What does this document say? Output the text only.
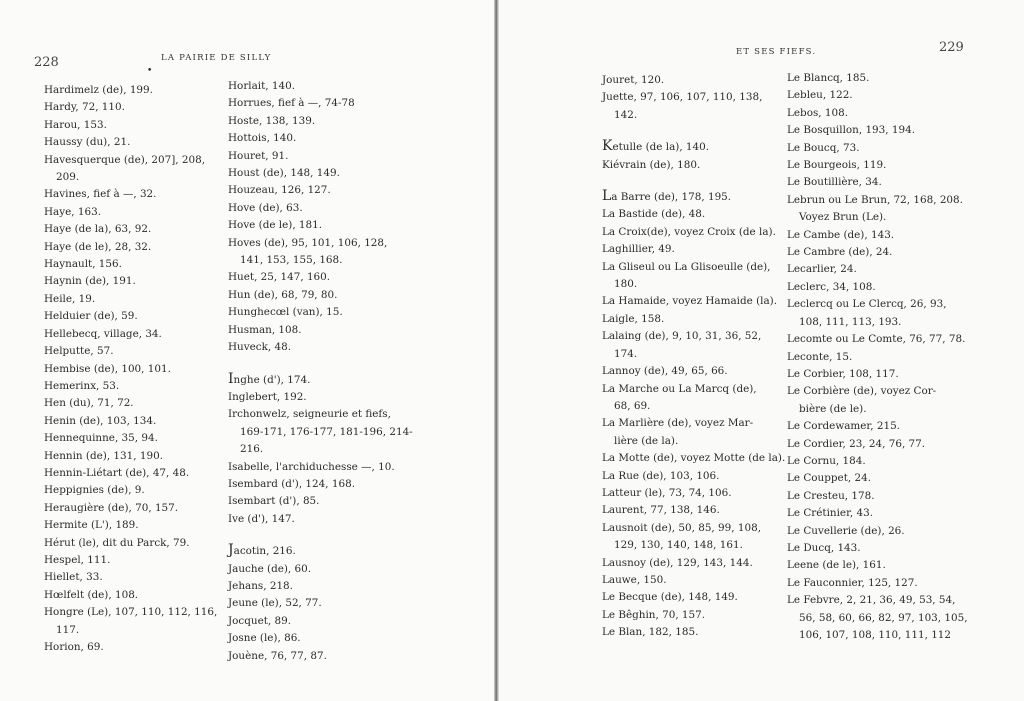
228	LA PAIRIE DE SILLY
•
Hardimelz (de), 199.
Hardy, 72, 110.
Harou, 153.
Haussy (du), 21.
Havesquerque (de), 207], 208,
209.
Havines, fief à —, 32.
Haye, 163.
Haye (de la), 63, 92.
Haye (de le), 28, 32.
Haynault, 156.
Haynin (de), 191.
Heile, 19.
Helduier (de), 59.
Hellebecq, village, 34.
Helputte, 57.
Hembise (de), 100, 101.
Hemerinx, 53.
Hen (du), 71, 72.
Henin (de), 103, 134.
Hennequinne, 35, 94.
Hennin (de), 131, 190.
Hennin-Liétart (de), 47, 48.
Heppignies (de), 9.
Heraugière (de), 70, 157.
Hermite (L'), 189.
Hérut (le), dit du Parck, 79.
Hespel, 111.
Hiellet, 33.
Hœlfelt (de), 108.
Hongre (Le), 107, 110, 112, 116,
117.
Horion, 69.
Horlait, 140.
Horrues, fief à —, 74-78
Hoste, 138, 139.
Hottois, 140.
Houret, 91.
Houst (de), 148, 149.
Houzeau, 126, 127.
Hove (de), 63.
Hove (de le), 181.
Hoves (de), 95, 101, 106, 128,
141, 153, 155, 168.
Huet, 25, 147, 160.
Hun (de), 68, 79, 80.
Hunghecœl (van), 15.
Husman, 108.
Huveck, 48.
Inghe (d'), 174.
Inglebert, 192.
Irchonwelz, seigneurie et fiefs,
169-171, 176-177, 181-196, 214-
216.
Isabelle, l'archiduchesse —, 10.
Isembard (d'), 124, 168.
Isembart (d'), 85.
Ive (d'), 147.
Jacotin, 216.
Jauche (de), 60.
Jehans, 218.
Jeune (le), 52, 77.
Jocquet, 89.
Josne (le), 86.
Jouène, 76, 77, 87.
229
ET SES FIEFS.
Jouret, 120.
Juette, 97, 106, 107, 110, 138,
142.
Ketulle (de la), 140.
Kiévrain (de), 180.
La Barre (de), 178, 195.
La Bastide (de), 48.
La Croix(de), voyez Croix (de la).
Laghillier, 49.
La Gliseul ou La Glisoeulle (de),
180.
La Hamaide, voyez Hamaide (la).
Laigle, 158.
Lalaing (de), 9, 10, 31, 36, 52,
174.
Lannoy (de), 49, 65, 66.
La Marche ou La Marcq (de),
68, 69.
La Marlière (de), voyez Mar-
lière (de la).
La Motte (de), voyez Motte (de la).
La Rue (de), 103, 106.
Latteur (le), 73, 74, 106.
Laurent, 77, 138, 146.
Lausnoit (de), 50, 85, 99, 108,
129, 130, 140, 148, 161.
Lausnoy (de), 129, 143, 144.
Lauwe, 150.
Le Becque (de), 148, 149.
Le Bêghin, 70, 157.
Le Blan, 182, 185.
Le Blancq, 185.
Lebleu, 122.
Lebos, 108.
Le Bosquillon, 193, 194.
Le Boucq, 73.
Le Bourgeois, 119.
Le Boutillière, 34.
Lebrun ou Le Brun, 72, 168, 208.
Voyez Brun (Le).
Le Cambe (de), 143.
Le Cambre (de), 24.
Lecarlier, 24.
Leclerc, 34, 108.
Leclercq ou Le Clercq, 26, 93,
108, 111, 113, 193.
Lecomte ou Le Comte, 76, 77, 78.
Leconte, 15.
Le Corbier, 108, 117.
Le Corbière (de), voyez Cor-
bière (de le).
Le Cordewamer, 215.
Le Cordier, 23, 24, 76, 77.
Le Cornu, 184.
Le Couppet, 24.
Le Cresteu, 178.
Le Crétinier, 43.
Le Cuvellerie (de), 26.
Le Ducq, 143.
Leene (de le), 161.
Le Fauconnier, 125, 127.
Le Febvre, 2, 21, 36, 49, 53, 54,
56, 58, 60, 66, 82, 97, 103, 105,
106, 107, 108, 110, 111, 112
